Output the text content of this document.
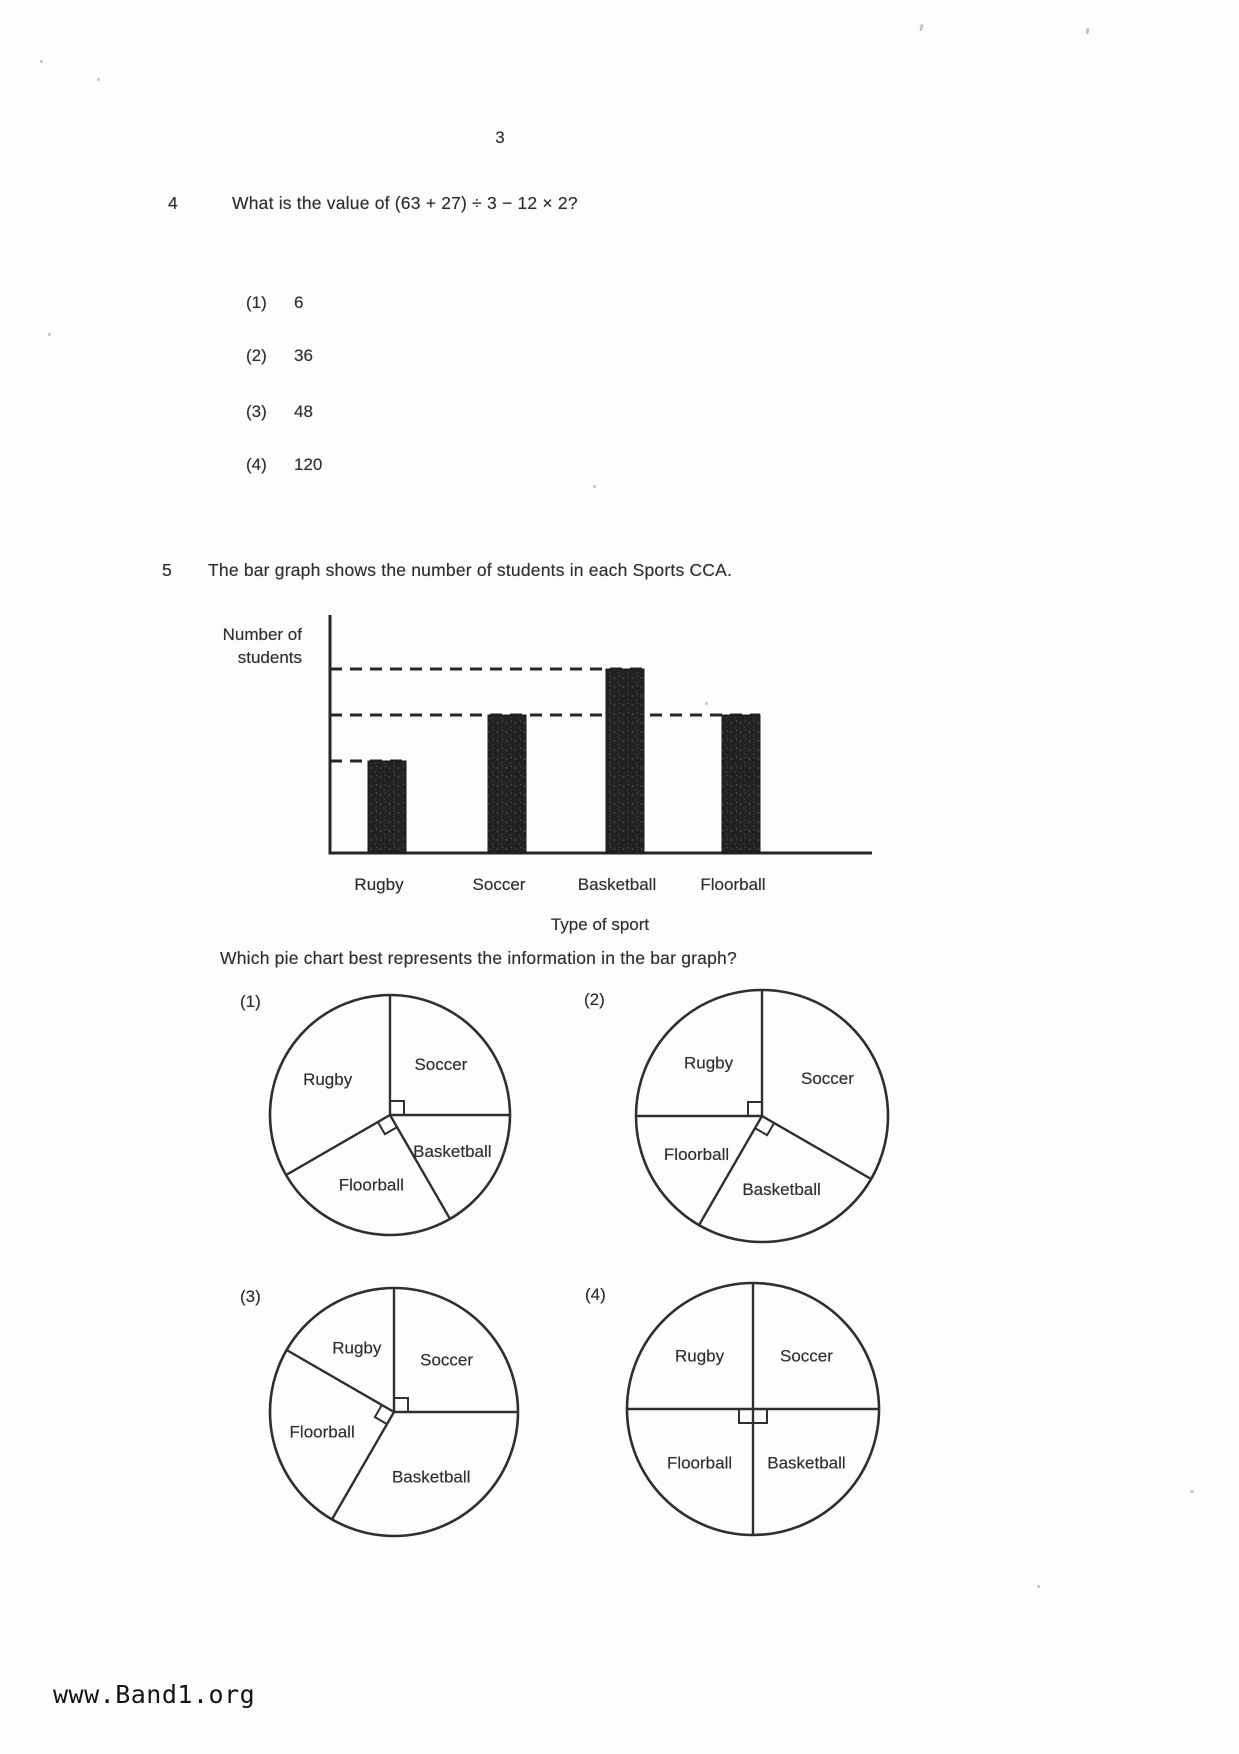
3
4	What is the value of (63 + 27) ÷ 3 − 12 × 2?
(1) 6
(2) 36
(3) 48
(4) 120
5 The bar graph shows the number of students in each Sports CCA.
Rugby	Soccer	Basketball	Floorball
Number of
students
Type of sport
Soccer
Basketball
Floorball
Rugby	Soccer
Basketball
Floorball
Rugby
Soccer
Basketball
Floorball
Rugby	Soccer
Basketball
Floorball
Rugby
Which pie chart best represents the information in the bar graph?
(1)	(2)
(3)	(4)
www.Band1.org
